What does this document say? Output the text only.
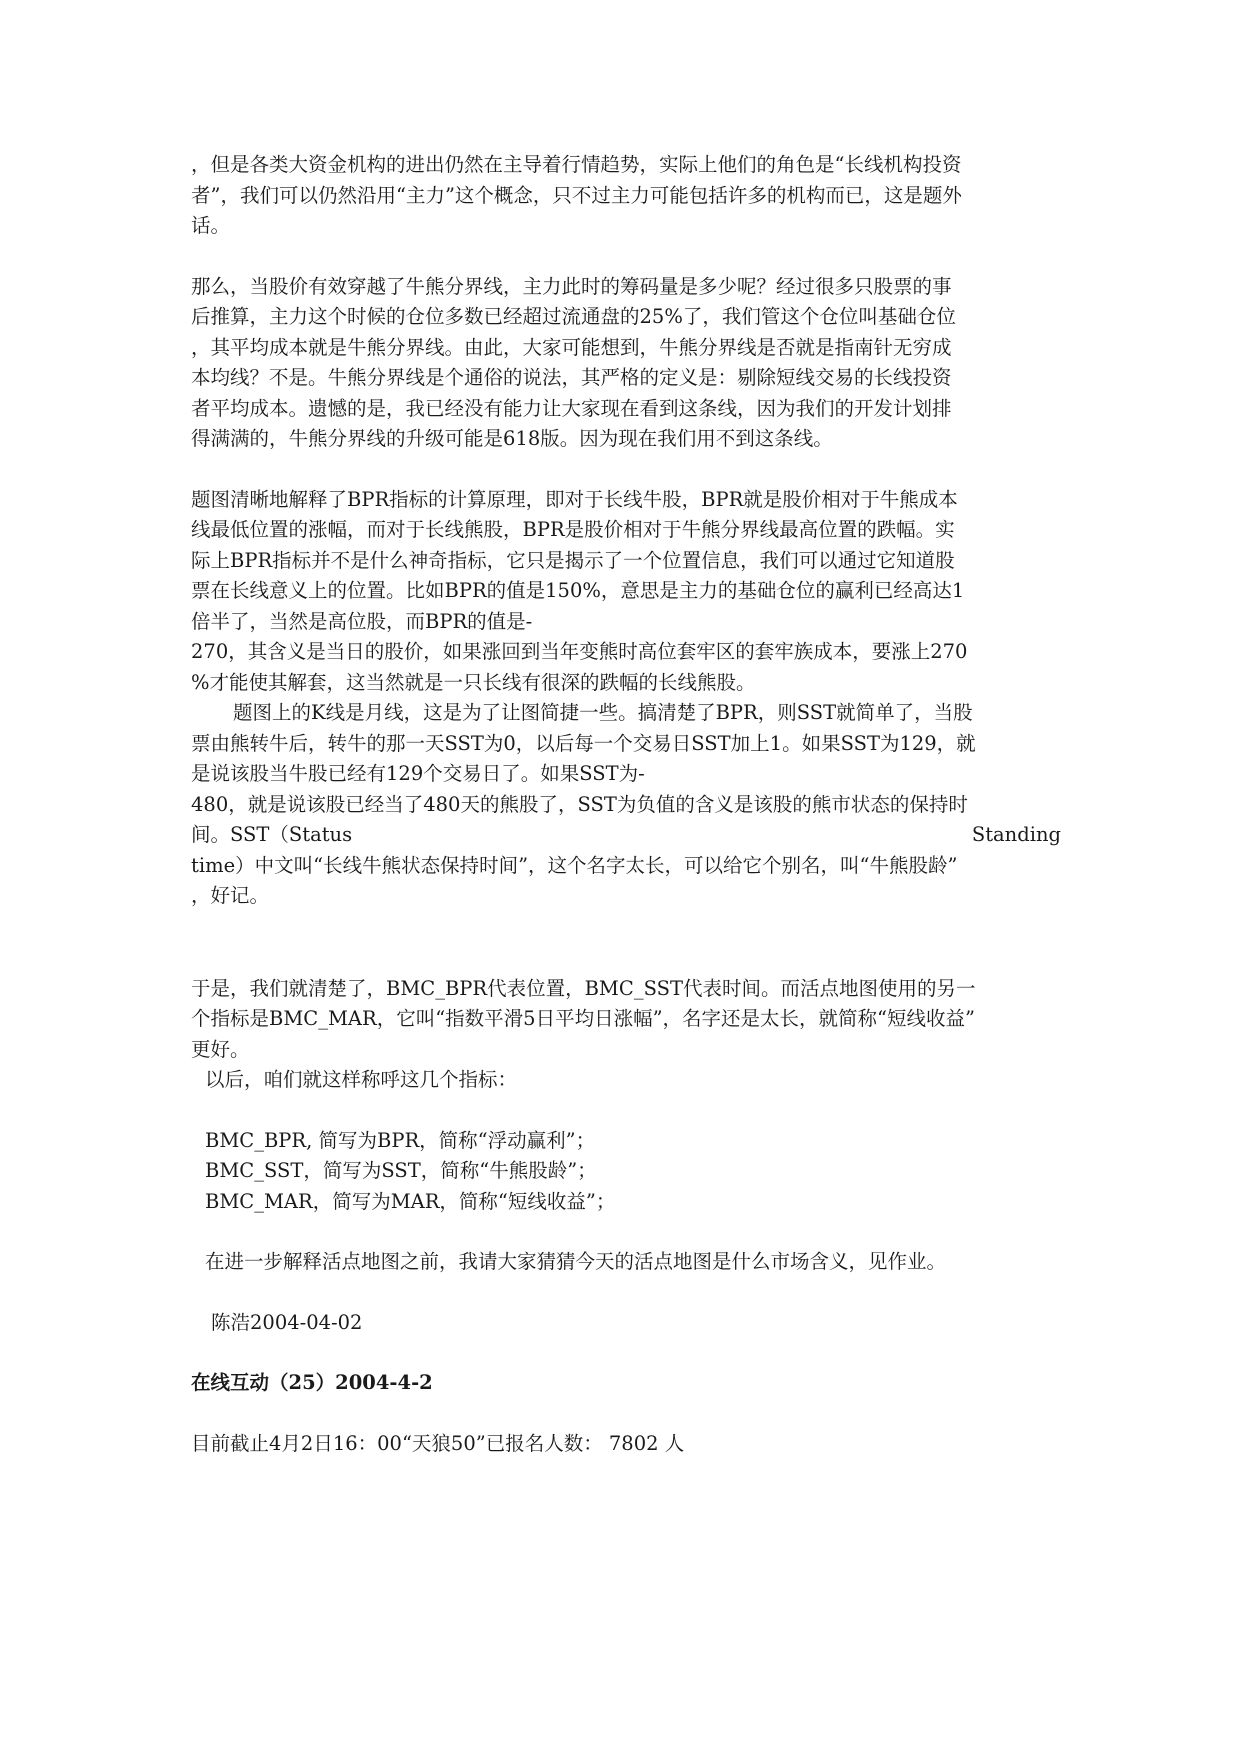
，但是各类大资金机构的进出仍然在主导着行情趋势，实际上他们的角色是“长线机构投资

者”，我们可以仍然沿用“主力”这个概念，只不过主力可能包括许多的机构而已，这是题外

话。

那么，当股价有效穿越了牛熊分界线，主力此时的筹码量是多少呢？经过很多只股票的事

后推算，主力这个时候的仓位多数已经超过流通盘的25%了，我们管这个仓位叫基础仓位

，其平均成本就是牛熊分界线。由此，大家可能想到，牛熊分界线是否就是指南针无穷成

本均线？不是。牛熊分界线是个通俗的说法，其严格的定义是：剔除短线交易的长线投资

者平均成本。遗憾的是，我已经没有能力让大家现在看到这条线，因为我们的开发计划排

得满满的，牛熊分界线的升级可能是618版。因为现在我们用不到这条线。

题图清晰地解释了BPR指标的计算原理，即对于长线牛股，BPR就是股价相对于牛熊成本

线最低位置的涨幅，而对于长线熊股，BPR是股价相对于牛熊分界线最高位置的跌幅。实

际上BPR指标并不是什么神奇指标，它只是揭示了一个位置信息，我们可以通过它知道股

票在长线意义上的位置。比如BPR的值是150%，意思是主力的基础仓位的赢利已经高达1

倍半了，当然是高位股，而BPR的值是-

270，其含义是当日的股价，如果涨回到当年变熊时高位套牢区的套牢族成本，要涨上270

%才能使其解套，这当然就是一只长线有很深的跌幅的长线熊股。

题图上的K线是月线，这是为了让图简捷一些。搞清楚了BPR，则SST就简单了，当股

票由熊转牛后，转牛的那一天SST为0，以后每一个交易日SST加上1。如果SST为129，就

是说该股当牛股已经有129个交易日了。如果SST为-

480，就是说该股已经当了480天的熊股了，SST为负值的含义是该股的熊市状态的保持时

间。SST（Status	Standing

time）中文叫“长线牛熊状态保持时间”，这个名字太长，可以给它个别名，叫“牛熊股龄”

，好记。

于是，我们就清楚了，BMC_BPR代表位置，BMC_SST代表时间。而活点地图使用的另一

个指标是BMC_MAR，它叫“指数平滑5日平均日涨幅”，名字还是太长，就简称“短线收益”

更好。

以后，咱们就这样称呼这几个指标：

BMC_BPR, 简写为BPR，简称“浮动赢利”；

BMC_SST，简写为SST，简称“牛熊股龄”；

BMC_MAR，简写为MAR，简称“短线收益”；

在进一步解释活点地图之前，我请大家猜猜今天的活点地图是什么市场含义，见作业。

陈浩2004-04-02

在线互动（25）2004-4-2

目前截止4月2日16：00“天狼50”已报名人数： 7802 人
